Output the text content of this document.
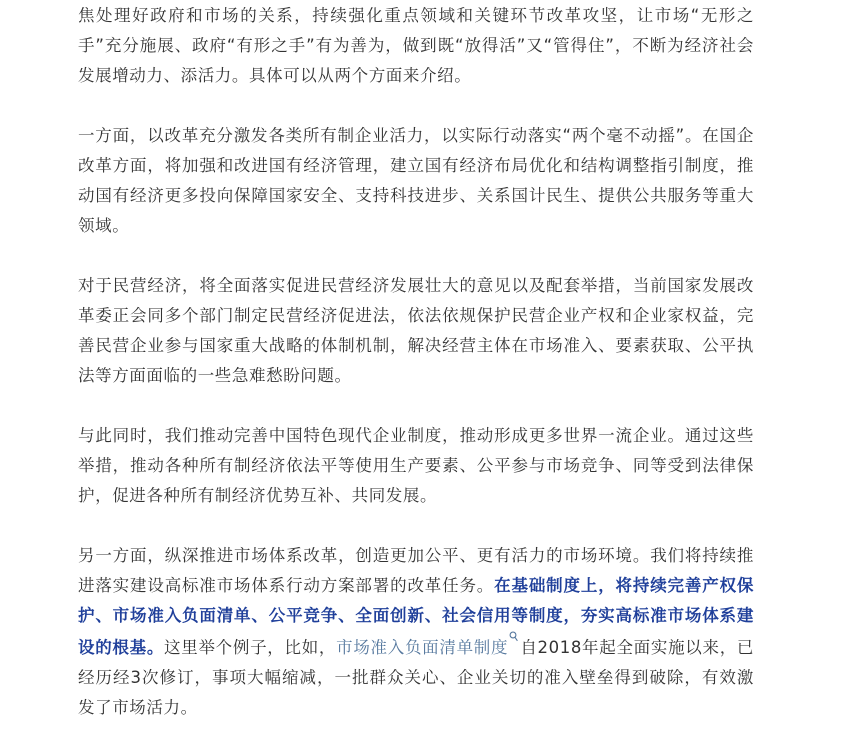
焦处理好政府和市场的关系，持续强化重点领域和关键环节改革攻坚，让市场“无形之手”充分施展、政府“有形之手”有为善为，做到既“放得活”又“管得住”，不断为经济社会发展增动力、添活力。具体可以从两个方面来介绍。

一方面，以改革充分激发各类所有制企业活力，以实际行动落实“两个毫不动摇”。在国企改革方面，将加强和改进国有经济管理，建立国有经济布局优化和结构调整指引制度，推动国有经济更多投向保障国家安全、支持科技进步、关系国计民生、提供公共服务等重大领域。

对于民营经济，将全面落实促进民营经济发展壮大的意见以及配套举措，当前国家发展改革委正会同多个部门制定民营经济促进法，依法依规保护民营企业产权和企业家权益，完善民营企业参与国家重大战略的体制机制，解决经营主体在市场准入、要素获取、公平执法等方面面临的一些急难愁盼问题。

与此同时，我们推动完善中国特色现代企业制度，推动形成更多世界一流企业。通过这些举措，推动各种所有制经济依法平等使用生产要素、公平参与市场竞争、同等受到法律保护，促进各种所有制经济优势互补、共同发展。

另一方面，纵深推进市场体系改革，创造更加公平、更有活力的市场环境。我们将持续推进落实建设高标准市场体系行动方案部署的改革任务。在基础制度上，将持续完善产权保护、市场准入负面清单、公平竞争、全面创新、社会信用等制度，夯实高标准市场体系建设的根基。这里举个例子，比如，市场准入负面清单制度 自2018年起全面实施以来，已经历经3次修订，事项大幅缩减，一批群众关心、企业关切的准入壁垒得到破除，有效激发了市场活力。
